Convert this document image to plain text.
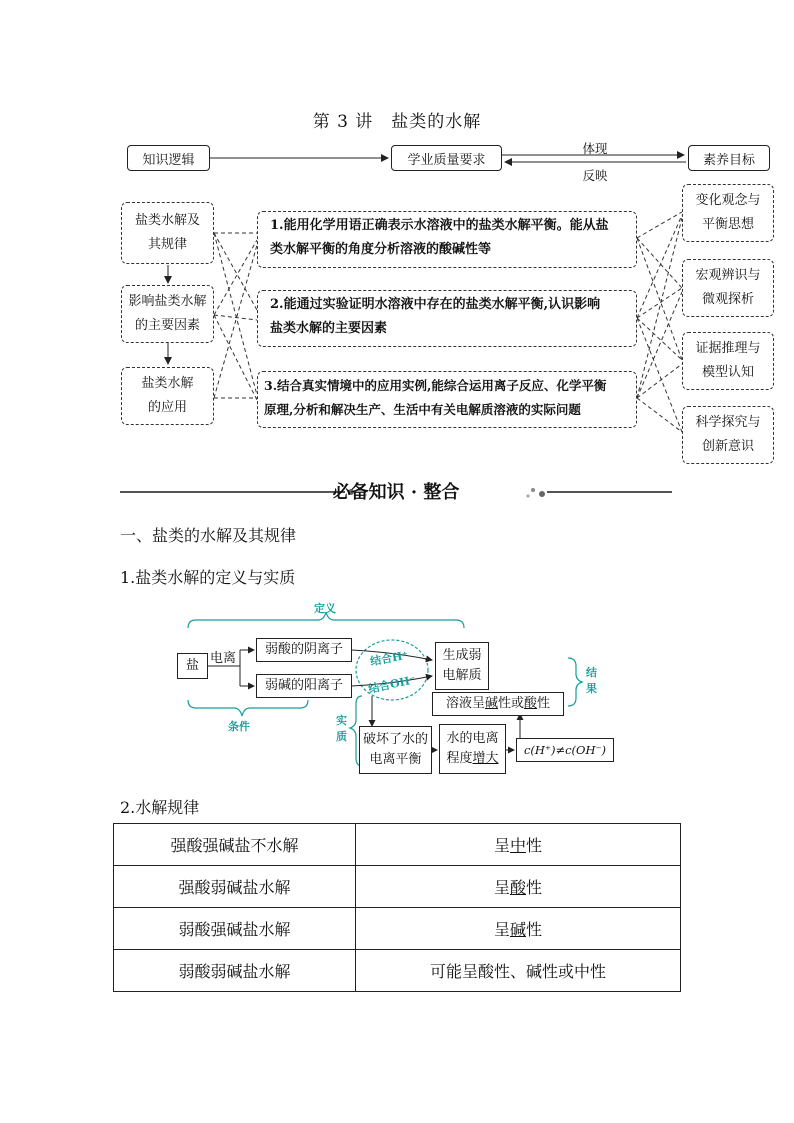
第 3 讲　盐类的水解
知识逻辑	学业质量要求	素养目标
体现
反映
盐类水解及
其规律
影响盐类水解
的主要因素
盐类水解
的应用
1.能用化学用语正确表示水溶液中的盐类水解平衡。能从盐
类水解平衡的角度分析溶液的酸碱性等
2.能通过实验证明水溶液中存在的盐类水解平衡,认识影响
盐类水解的主要因素
3.结合真实情境中的应用实例,能综合运用离子反应、化学平衡
原理,分析和解决生产、生活中有关电解质溶液的实际问题
变化观念与
平衡思想
宏观辨识与
微观探析
证据推理与
模型认知
科学探究与
创新意识
必备知识 · 整合
一、盐类的水解及其规律
1.盐类水解的定义与实质
盐 电离
弱酸的阴离子
弱碱的阳离子
结合H⁺
结合OH⁻
生成弱
电解质
溶液呈 碱 性或 酸 性
破坏了水的
电离平衡
水的电离
程度增大
c(H⁺)≠c(OH⁻)
定义
条件	实
质
结
果
2.水解规律
强酸强碱盐不水解	呈中性
强酸弱碱盐水解	呈酸性
弱酸强碱盐水解	呈碱性
弱酸弱碱盐水解	可能呈酸性、碱性或中性
